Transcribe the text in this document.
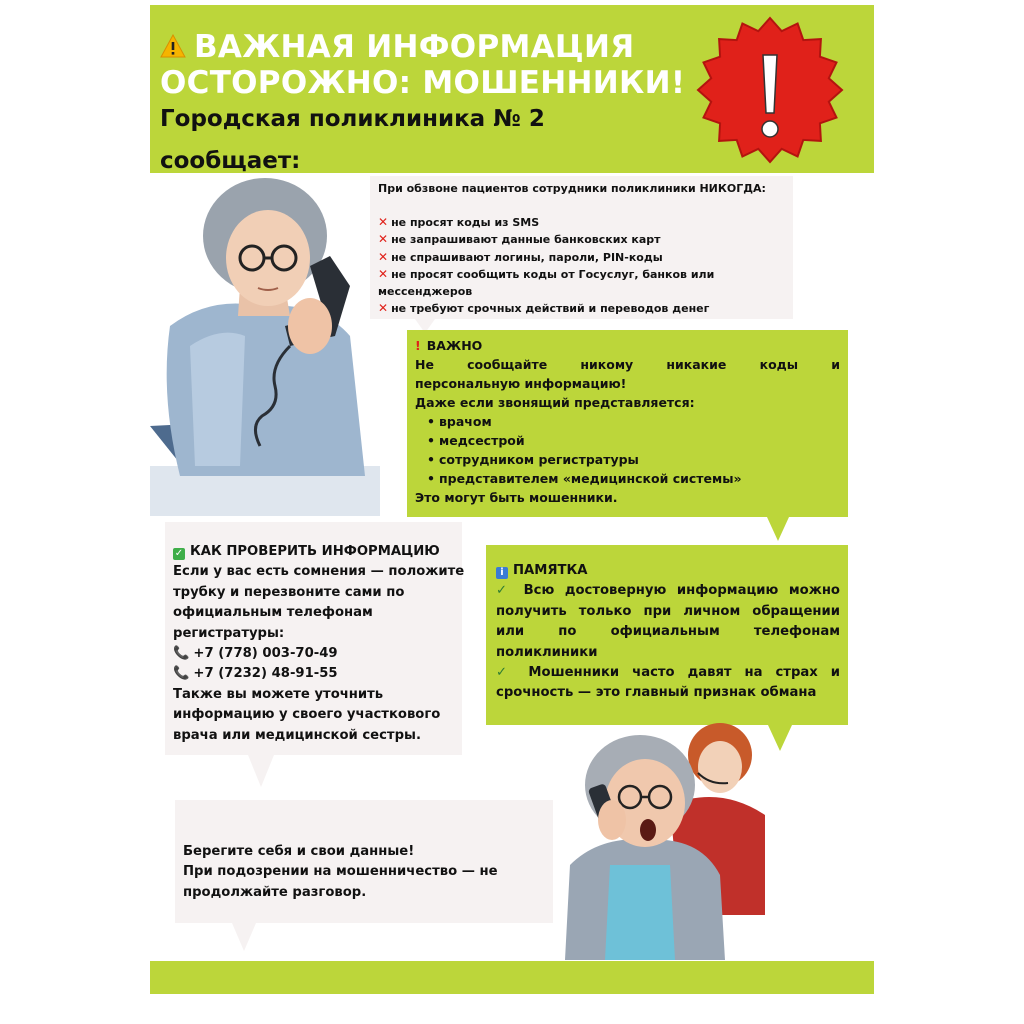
ВАЖНАЯ ИНФОРМАЦИЯ
ОСТОРОЖНО: МОШЕННИКИ!
Городская поликлиника № 2
сообщает:
При обзвоне пациентов сотрудники поликлиники НИКОГДА:
✕ не просят коды из SMS
✕ не запрашивают данные банковских карт
✕ не спрашивают логины, пароли, PIN-коды
✕ не просят сообщить коды от Госуслуг, банков или
мессенджеров
✕ не требуют срочных действий и переводов денег
! ВАЖНО
Не сообщайте никому никакие коды и
персональную информацию!
Даже если звонящий представляется:
• врачом
• медсестрой
• сотрудником регистратуры
• представителем «медицинской системы»
Это могут быть мошенники.
✓ КАК ПРОВЕРИТЬ ИНФОРМАЦИЮ
Если у вас есть сомнения — положите
трубку и перезвоните сами по
официальным телефонам
регистратуры:
📞 +7 (778) 003-70-49
📞 +7 (7232) 48-91-55
Также вы можете уточнить
информацию у своего участкового
врача или медицинской сестры.
i ПАМЯТКА
✓ Всю достоверную информацию можно
получить только при личном обращении
или по официальным телефонам
поликлиники
✓ Мошенники часто давят на страх и
срочность — это главный признак обмана
Берегите себя и свои данные!
При подозрении на мошенничество — не
продолжайте разговор.
